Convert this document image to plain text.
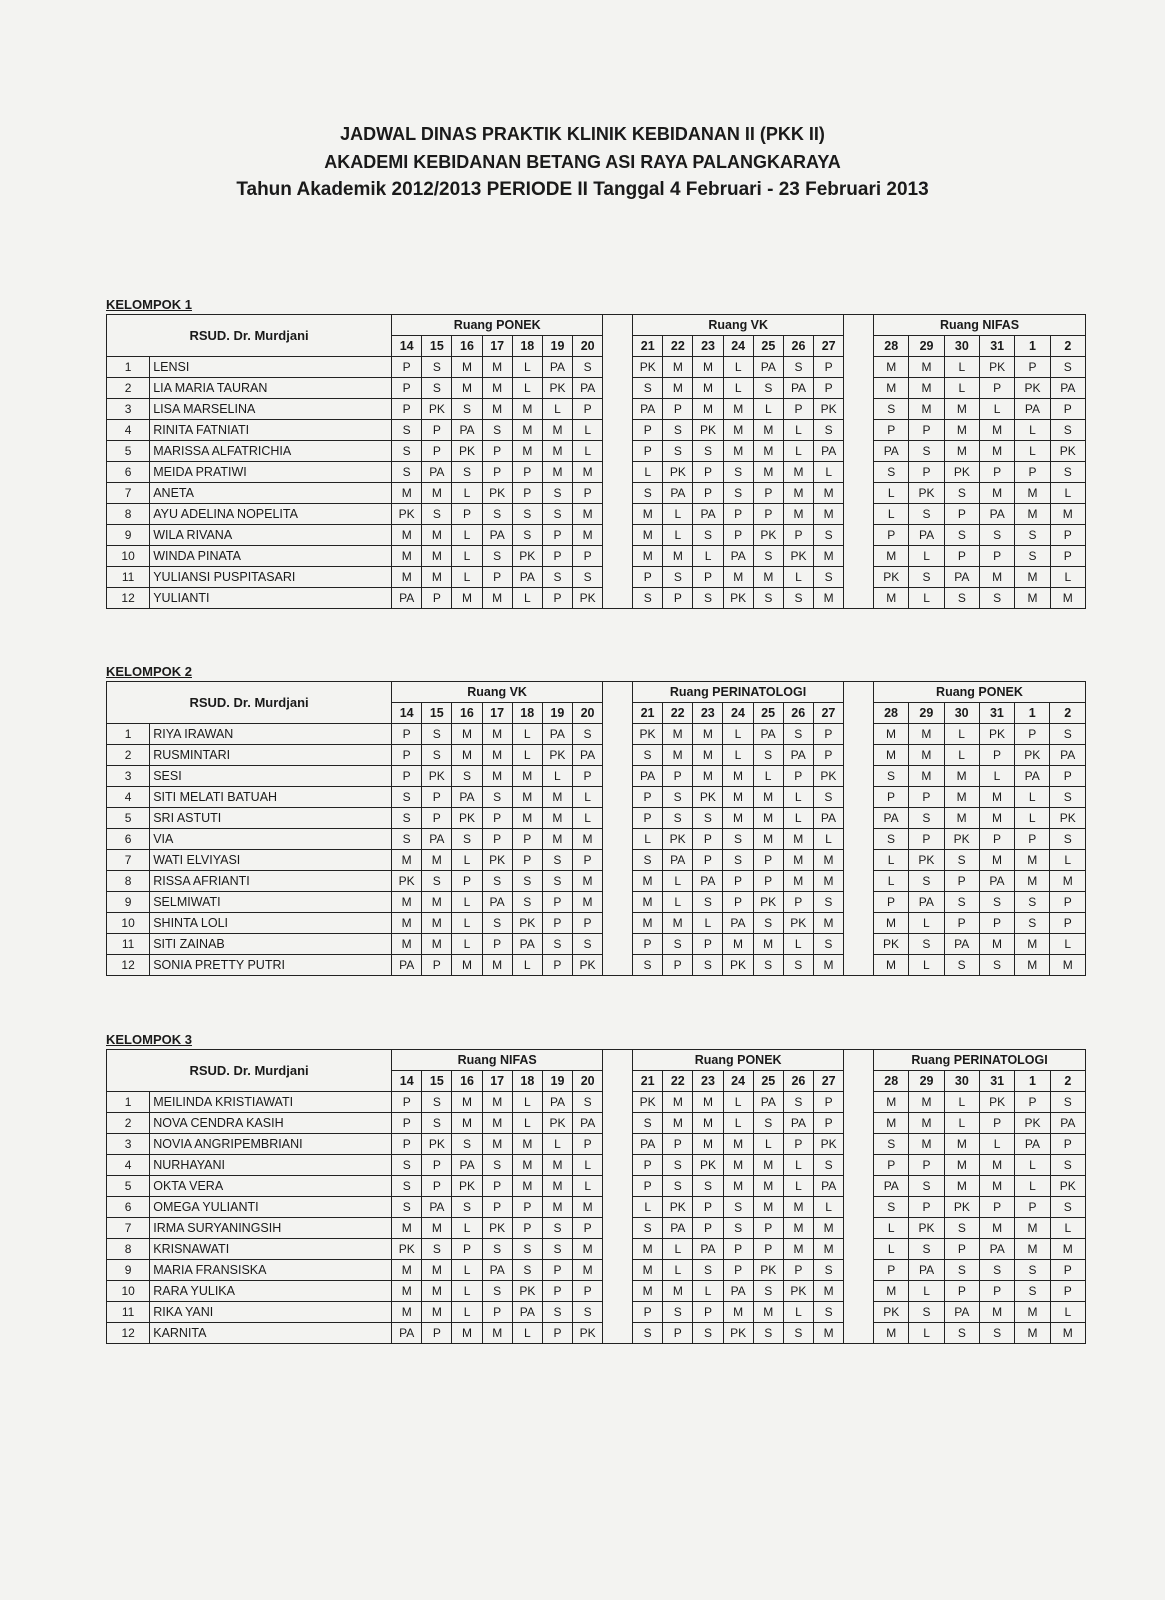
JADWAL DINAS PRAKTIK KLINIK KEBIDANAN II (PKK II)
AKADEMI KEBIDANAN BETANG ASI RAYA PALANGKARAYA
Tahun Akademik 2012/2013 PERIODE II Tanggal 4 Februari - 23 Februari 2013
KELOMPOK 1
RSUD. Dr. Murdjani		Ruang PONEK								Ruang VK								Ruang NIFAS					
		14	15	16	17	18	19	20		21	22	23	24	25	26	27		28	29	30	31	1	2
1	LENSI	P	S	M	M	L	PA	S		PK	M	M	L	PA	S	P		M	M	L	PK	P	S
2	LIA MARIA TAURAN	P	S	M	M	L	PK	PA		S	M	M	L	S	PA	P		M	M	L	P	PK	PA
3	LISA MARSELINA	P	PK	S	M	M	L	P		PA	P	M	M	L	P	PK		S	M	M	L	PA	P
4	RINITA FATNIATI	S	P	PA	S	M	M	L		P	S	PK	M	M	L	S		P	P	M	M	L	S
5	MARISSA ALFATRICHIA	S	P	PK	P	M	M	L		P	S	S	M	M	L	PA		PA	S	M	M	L	PK
6	MEIDA PRATIWI	S	PA	S	P	P	M	M		L	PK	P	S	M	M	L		S	P	PK	P	P	S
7	ANETA	M	M	L	PK	P	S	P		S	PA	P	S	P	M	M		L	PK	S	M	M	L
8	AYU ADELINA NOPELITA	PK	S	P	S	S	S	M		M	L	PA	P	P	M	M		L	S	P	PA	M	M
9	WILA RIVANA	M	M	L	PA	S	P	M		M	L	S	P	PK	P	S		P	PA	S	S	S	P
10	WINDA PINATA	M	M	L	S	PK	P	P		M	M	L	PA	S	PK	M		M	L	P	P	S	P
11	YULIANSI PUSPITASARI	M	M	L	P	PA	S	S		P	S	P	M	M	L	S		PK	S	PA	M	M	L
12	YULIANTI	PA	P	M	M	L	P	PK		S	P	S	PK	S	S	M		M	L	S	S	M	M
KELOMPOK 2
RSUD. Dr. Murdjani		Ruang VK								Ruang PERINATOLOGI								Ruang PONEK					
		14	15	16	17	18	19	20		21	22	23	24	25	26	27		28	29	30	31	1	2
1	RIYA IRAWAN	P	S	M	M	L	PA	S		PK	M	M	L	PA	S	P		M	M	L	PK	P	S
2	RUSMINTARI	P	S	M	M	L	PK	PA		S	M	M	L	S	PA	P		M	M	L	P	PK	PA
3	SESI	P	PK	S	M	M	L	P		PA	P	M	M	L	P	PK		S	M	M	L	PA	P
4	SITI MELATI BATUAH	S	P	PA	S	M	M	L		P	S	PK	M	M	L	S		P	P	M	M	L	S
5	SRI ASTUTI	S	P	PK	P	M	M	L		P	S	S	M	M	L	PA		PA	S	M	M	L	PK
6	VIA	S	PA	S	P	P	M	M		L	PK	P	S	M	M	L		S	P	PK	P	P	S
7	WATI ELVIYASI	M	M	L	PK	P	S	P		S	PA	P	S	P	M	M		L	PK	S	M	M	L
8	RISSA AFRIANTI	PK	S	P	S	S	S	M		M	L	PA	P	P	M	M		L	S	P	PA	M	M
9	SELMIWATI	M	M	L	PA	S	P	M		M	L	S	P	PK	P	S		P	PA	S	S	S	P
10	SHINTA LOLI	M	M	L	S	PK	P	P		M	M	L	PA	S	PK	M		M	L	P	P	S	P
11	SITI ZAINAB	M	M	L	P	PA	S	S		P	S	P	M	M	L	S		PK	S	PA	M	M	L
12	SONIA PRETTY PUTRI	PA	P	M	M	L	P	PK		S	P	S	PK	S	S	M		M	L	S	S	M	M
KELOMPOK 3
RSUD. Dr. Murdjani		Ruang NIFAS								Ruang PONEK								Ruang PERINATOLOGI					
		14	15	16	17	18	19	20		21	22	23	24	25	26	27		28	29	30	31	1	2
1	MEILINDA KRISTIAWATI	P	S	M	M	L	PA	S		PK	M	M	L	PA	S	P		M	M	L	PK	P	S
2	NOVA CENDRA KASIH	P	S	M	M	L	PK	PA		S	M	M	L	S	PA	P		M	M	L	P	PK	PA
3	NOVIA ANGRIPEMBRIANI	P	PK	S	M	M	L	P		PA	P	M	M	L	P	PK		S	M	M	L	PA	P
4	NURHAYANI	S	P	PA	S	M	M	L		P	S	PK	M	M	L	S		P	P	M	M	L	S
5	OKTA VERA	S	P	PK	P	M	M	L		P	S	S	M	M	L	PA		PA	S	M	M	L	PK
6	OMEGA YULIANTI	S	PA	S	P	P	M	M		L	PK	P	S	M	M	L		S	P	PK	P	P	S
7	IRMA SURYANINGSIH	M	M	L	PK	P	S	P		S	PA	P	S	P	M	M		L	PK	S	M	M	L
8	KRISNAWATI	PK	S	P	S	S	S	M		M	L	PA	P	P	M	M		L	S	P	PA	M	M
9	MARIA FRANSISKA	M	M	L	PA	S	P	M		M	L	S	P	PK	P	S		P	PA	S	S	S	P
10	RARA YULIKA	M	M	L	S	PK	P	P		M	M	L	PA	S	PK	M		M	L	P	P	S	P
11	RIKA YANI	M	M	L	P	PA	S	S		P	S	P	M	M	L	S		PK	S	PA	M	M	L
12	KARNITA	PA	P	M	M	L	P	PK		S	P	S	PK	S	S	M		M	L	S	S	M	M
